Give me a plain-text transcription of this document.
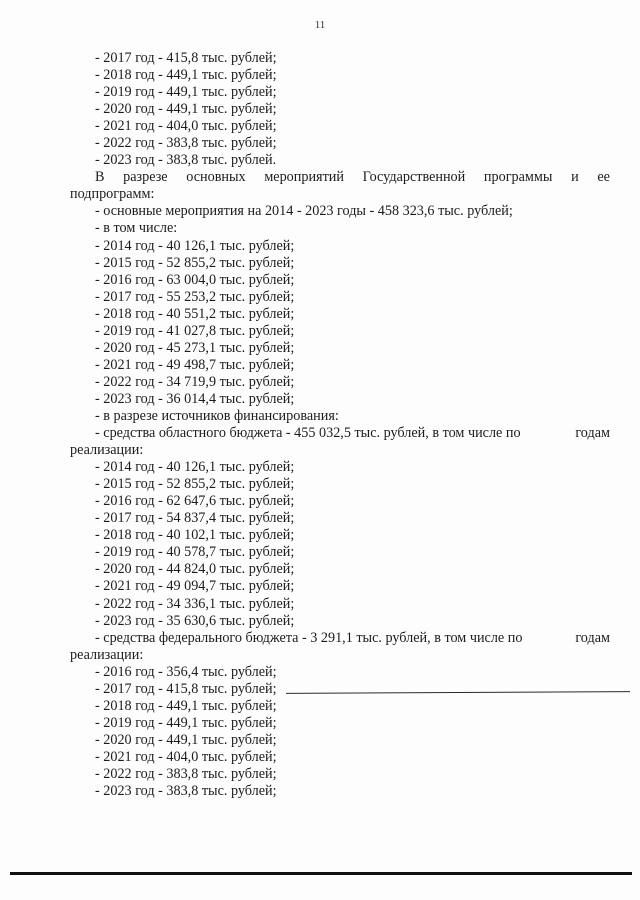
11
- 2017 год - 415,8 тыс. рублей;
- 2018 год - 449,1 тыс. рублей;
- 2019 год - 449,1 тыс. рублей;
- 2020 год - 449,1 тыс. рублей;
- 2021 год - 404,0 тыс. рублей;
- 2022 год - 383,8 тыс. рублей;
- 2023 год - 383,8 тыс. рублей.
В разрезе основных мероприятий Государственной программы и ее
подпрограмм:
- основные мероприятия на 2014 - 2023 годы - 458 323,6 тыс. рублей;
- в том числе:
- 2014 год - 40 126,1 тыс. рублей;
- 2015 год - 52 855,2 тыс. рублей;
- 2016 год - 63 004,0 тыс. рублей;
- 2017 год - 55 253,2 тыс. рублей;
- 2018 год - 40 551,2 тыс. рублей;
- 2019 год - 41 027,8 тыс. рублей;
- 2020 год - 45 273,1 тыс. рублей;
- 2021 год - 49 498,7 тыс. рублей;
- 2022 год - 34 719,9 тыс. рублей;
- 2023 год - 36 014,4 тыс. рублей;
- в разрезе источников финансирования:
- средства областного бюджета - 455 032,5 тыс. рублей, в том числе по	годам
реализации:
- 2014 год - 40 126,1 тыс. рублей;
- 2015 год - 52 855,2 тыс. рублей;
- 2016 год - 62 647,6 тыс. рублей;
- 2017 год - 54 837,4 тыс. рублей;
- 2018 год - 40 102,1 тыс. рублей;
- 2019 год - 40 578,7 тыс. рублей;
- 2020 год - 44 824,0 тыс. рублей;
- 2021 год - 49 094,7 тыс. рублей;
- 2022 год - 34 336,1 тыс. рублей;
- 2023 год - 35 630,6 тыс. рублей;
- средства федерального бюджета - 3 291,1 тыс. рублей, в том числе по	годам
реализации:
- 2016 год - 356,4 тыс. рублей;
- 2017 год - 415,8 тыс. рублей;
- 2018 год - 449,1 тыс. рублей;
- 2019 год - 449,1 тыс. рублей;
- 2020 год - 449,1 тыс. рублей;
- 2021 год - 404,0 тыс. рублей;
- 2022 год - 383,8 тыс. рублей;
- 2023 год - 383,8 тыс. рублей;
